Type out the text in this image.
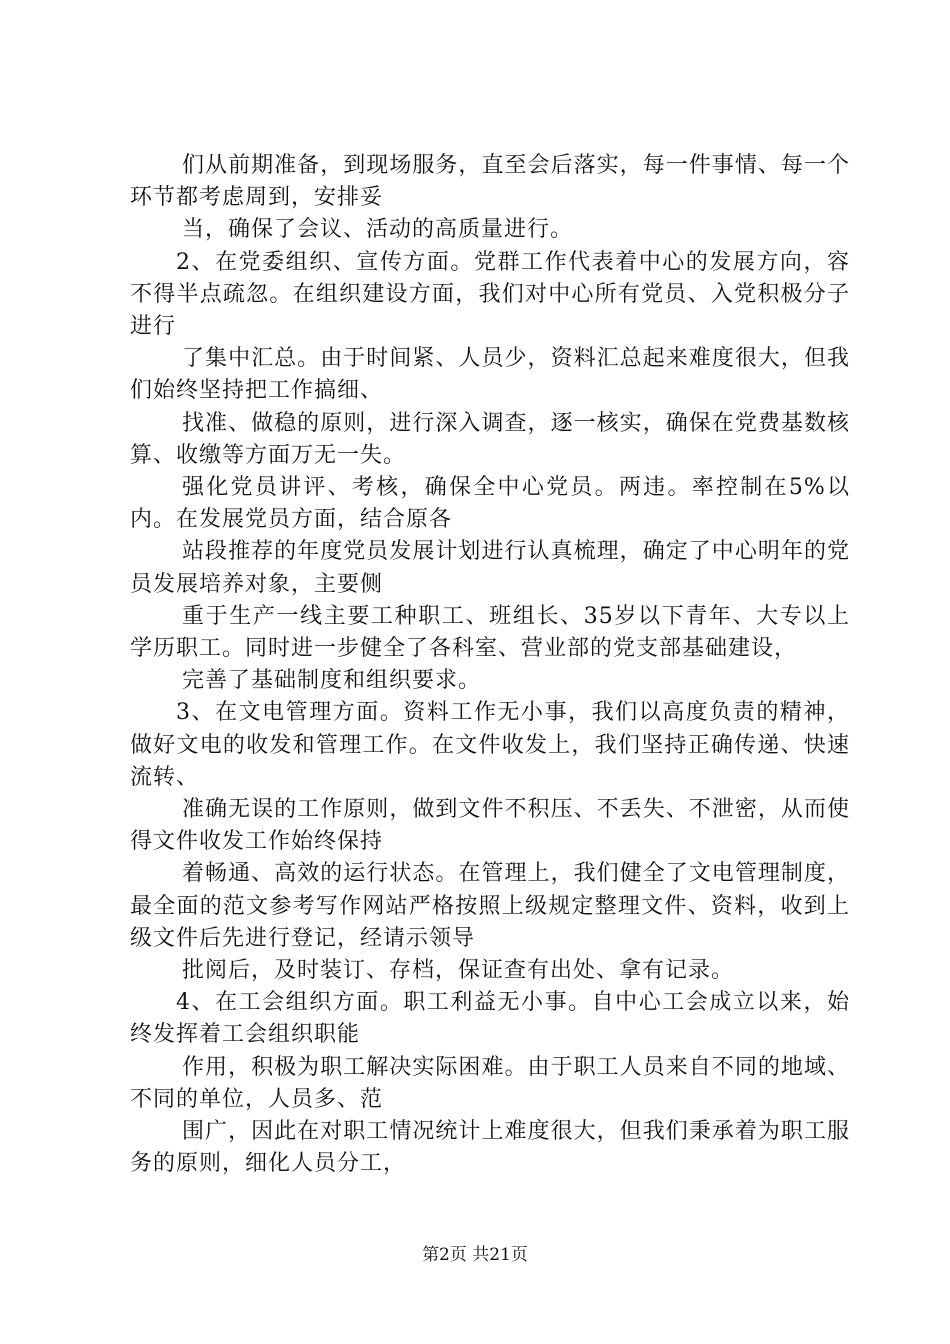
们从前期准备，到现场服务，直至会后落实，每一件事情、每一个环节都考虑周到，安排妥

当，确保了会议、活动的高质量进行。

2、在党委组织、宣传方面。党群工作代表着中心的发展方向，容不得半点疏忽。在组织建设方面，我们对中心所有党员、入党积极分子进行

了集中汇总。由于时间紧、人员少，资料汇总起来难度很大，但我们始终坚持把工作搞细、

找准、做稳的原则，进行深入调查，逐一核实，确保在党费基数核算、收缴等方面万无一失。

强化党员讲评、考核，确保全中心党员。两违。率控制在5%以内。在发展党员方面，结合原各

站段推荐的年度党员发展计划进行认真梳理，确定了中心明年的党员发展培养对象，主要侧

重于生产一线主要工种职工、班组长、35岁以下青年、大专以上学历职工。同时进一步健全了各科室、营业部的党支部基础建设，

完善了基础制度和组织要求。

3、在文电管理方面。资料工作无小事，我们以高度负责的精神，做好文电的收发和管理工作。在文件收发上，我们坚持正确传递、快速流转、

准确无误的工作原则，做到文件不积压、不丢失、不泄密，从而使得文件收发工作始终保持

着畅通、高效的运行状态。在管理上，我们健全了文电管理制度，最全面的范文参考写作网站严格按照上级规定整理文件、资料，收到上级文件后先进行登记，经请示领导

批阅后，及时装订、存档，保证查有出处、拿有记录。

4、在工会组织方面。职工利益无小事。自中心工会成立以来，始终发挥着工会组织职能

作用，积极为职工解决实际困难。由于职工人员来自不同的地域、不同的单位，人员多、范

围广，因此在对职工情况统计上难度很大，但我们秉承着为职工服务的原则，细化人员分工，

第2页 共21页
